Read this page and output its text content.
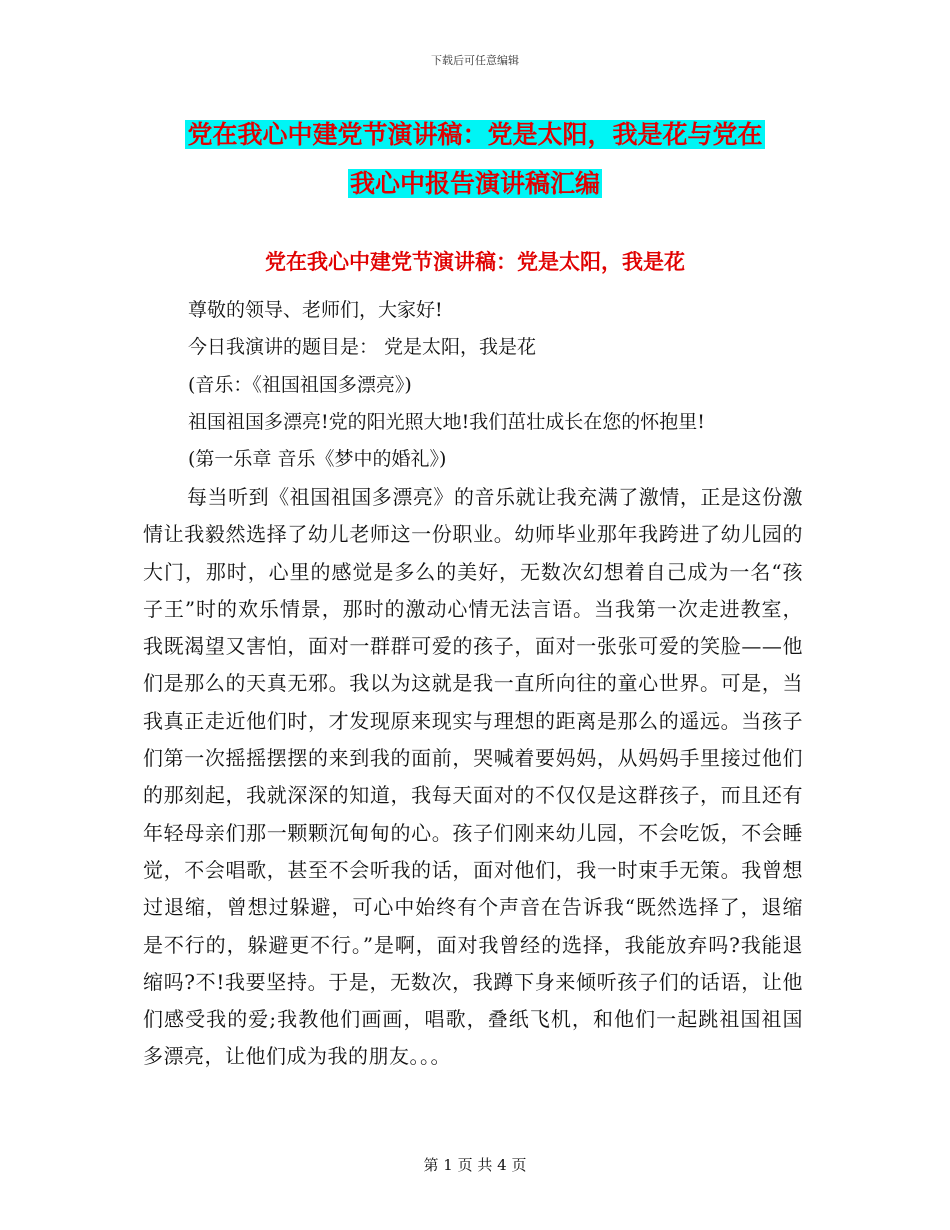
下载后可任意编辑
党在我心中建党节演讲稿：党是太阳，我是花与党在
我心中报告演讲稿汇编
党在我心中建党节演讲稿：党是太阳，我是花

尊敬的领导、老师们，大家好!

今日我演讲的题目是： 党是太阳，我是花

(音乐：《祖国祖国多漂亮》)

祖国祖国多漂亮!党的阳光照大地!我们茁壮成长在您的怀抱里!

(第一乐章 音乐《梦中的婚礼》)

每当听到《祖国祖国多漂亮》的音乐就让我充满了激情，正是这份激情让我毅然选择了幼儿老师这一份职业。幼师毕业那年我跨进了幼儿园的大门，那时，心里的感觉是多么的美好，无数次幻想着自己成为一名“孩子王”时的欢乐情景，那时的激动心情无法言语。当我第一次走进教室，我既渴望又害怕，面对一群群可爱的孩子，面对一张张可爱的笑脸——他们是那么的天真无邪。我以为这就是我一直所向往的童心世界。可是，当我真正走近他们时，才发现原来现实与理想的距离是那么的遥远。当孩子们第一次摇摇摆摆的来到我的面前，哭喊着要妈妈，从妈妈手里接过他们的那刻起，我就深深的知道，我每天面对的不仅仅是这群孩子，而且还有年轻母亲们那一颗颗沉甸甸的心。孩子们刚来幼儿园，不会吃饭，不会睡觉，不会唱歌，甚至不会听我的话，面对他们，我一时束手无策。我曾想过退缩，曾想过躲避，可心中始终有个声音在告诉我“既然选择了，退缩是不行的，躲避更不行。”是啊，面对我曾经的选择，我能放弃吗?我能退缩吗?不!我要坚持。于是，无数次，我蹲下身来倾听孩子们的话语，让他们感受我的爱;我教他们画画，唱歌，叠纸飞机，和他们一起跳祖国祖国多漂亮，让他们成为我的朋友。。。

第 1 页 共 4 页
